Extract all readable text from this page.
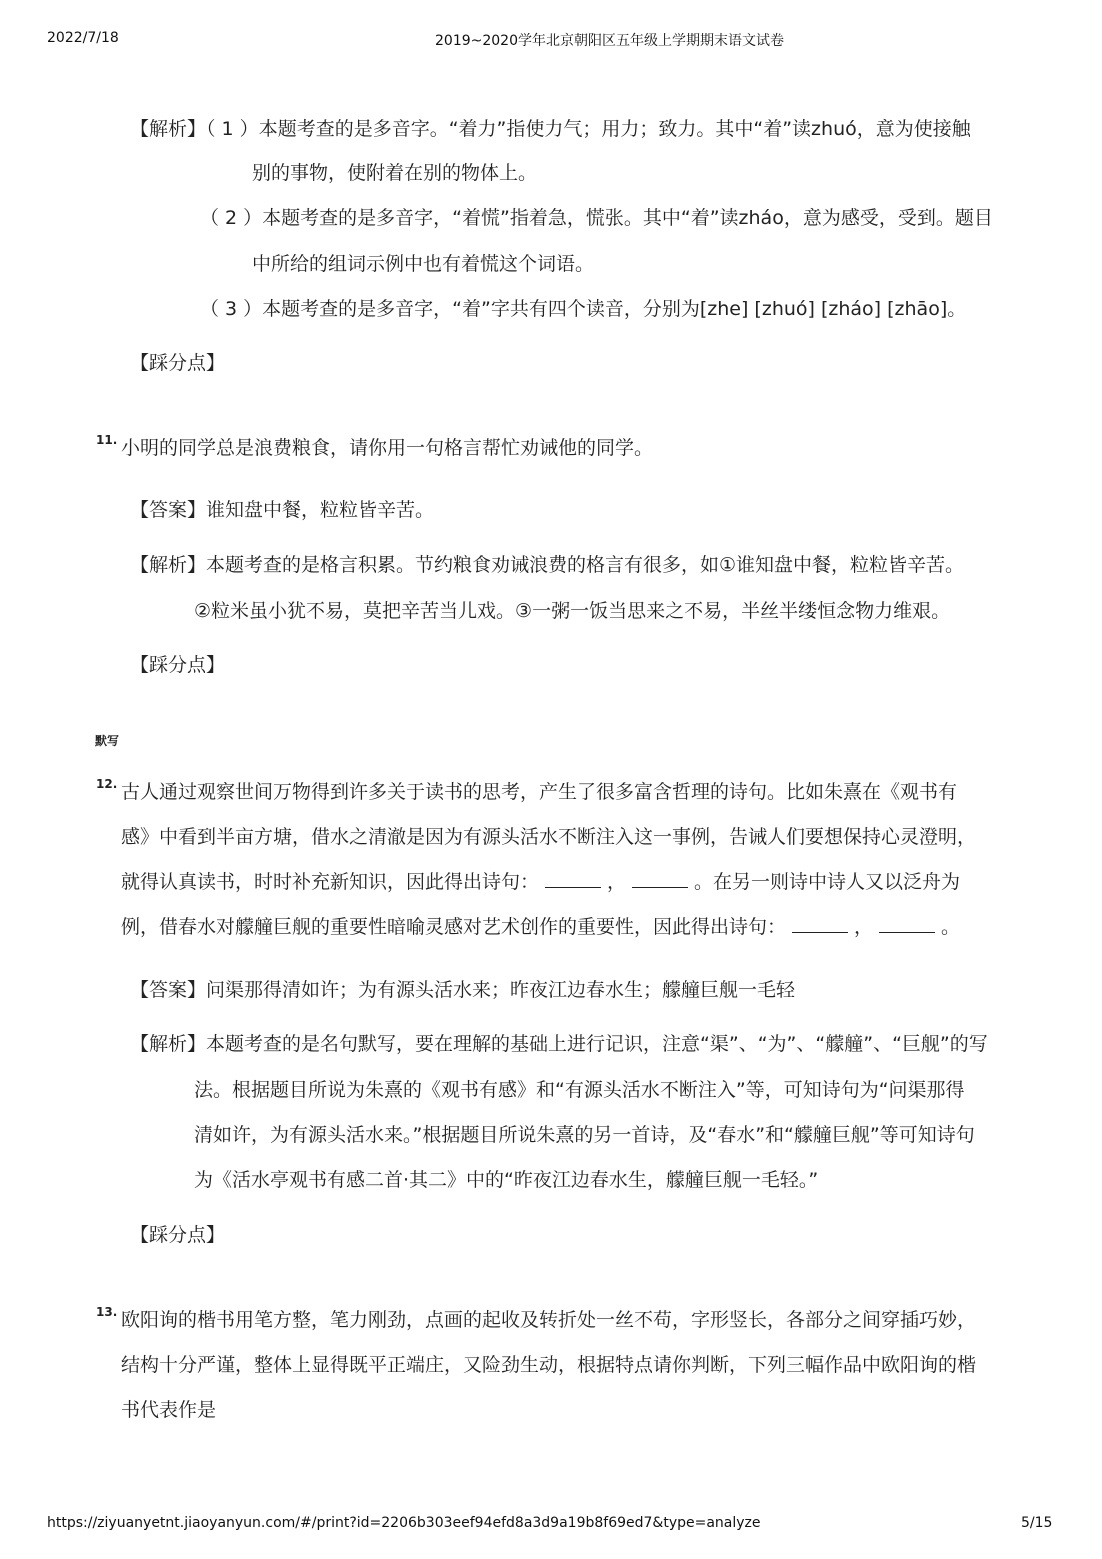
2022/7/18	2019~2020学年北京朝阳区五年级上学期期末语文试卷
【解析】（ 1 ）本题考查的是多音字。“着力”指使力气；用力；致力。其中“着”读zhuó，意为使接触
别的事物，使附着在别的物体上。
（ 2 ）本题考查的是多音字，“着慌”指着急，慌张。其中“着”读zháo，意为感受，受到。题目
中所给的组词示例中也有着慌这个词语。
（ 3 ）本题考查的是多音字，“着”字共有四个读音，分别为[zhe] [zhuó] [zháo] [zhāo]。
【踩分点】
11. 小明的同学总是浪费粮食，请你用一句格言帮忙劝诫他的同学。
【答案】谁知盘中餐，粒粒皆辛苦。
【解析】本题考查的是格言积累。节约粮食劝诫浪费的格言有很多，如①谁知盘中餐，粒粒皆辛苦。
②粒米虽小犹不易，莫把辛苦当儿戏。③一粥一饭当思来之不易，半丝半缕恒念物力维艰。
【踩分点】
默写
12. 古人通过观察世间万物得到许多关于读书的思考，产生了很多富含哲理的诗句。比如朱熹在《观书有
感》中看到半亩方塘，借水之清澈是因为有源头活水不断注入这一事例，告诫人们要想保持心灵澄明，
就得认真读书，时时补充新知识，因此得出诗句：	，	。在另一则诗中诗人又以泛舟为
例，借春水对艨艟巨舰的重要性暗喻灵感对艺术创作的重要性，因此得出诗句：	，	。
【答案】问渠那得清如许；为有源头活水来；昨夜江边春水生；艨艟巨舰一毛轻
【解析】本题考查的是名句默写，要在理解的基础上进行记识，注意“渠”、“为”、“艨艟”、“巨舰”的写
法。根据题目所说为朱熹的《观书有感》和“有源头活水不断注入”等，可知诗句为“问渠那得
清如许，为有源头活水来。”根据题目所说朱熹的另一首诗，及“春水”和“艨艟巨舰”等可知诗句
为《活水亭观书有感二首·其二》中的“昨夜江边春水生，艨艟巨舰一毛轻。”
【踩分点】
13. 欧阳询的楷书用笔方整，笔力刚劲，点画的起收及转折处一丝不苟，字形竖长，各部分之间穿插巧妙，
结构十分严谨，整体上显得既平正端庄，又险劲生动，根据特点请你判断，下列三幅作品中欧阳询的楷
书代表作是
https://ziyuanyetnt.jiaoyanyun.com/#/print?id=2206b303eef94efd8a3d9a19b8f69ed7&type=analyze	5/15
